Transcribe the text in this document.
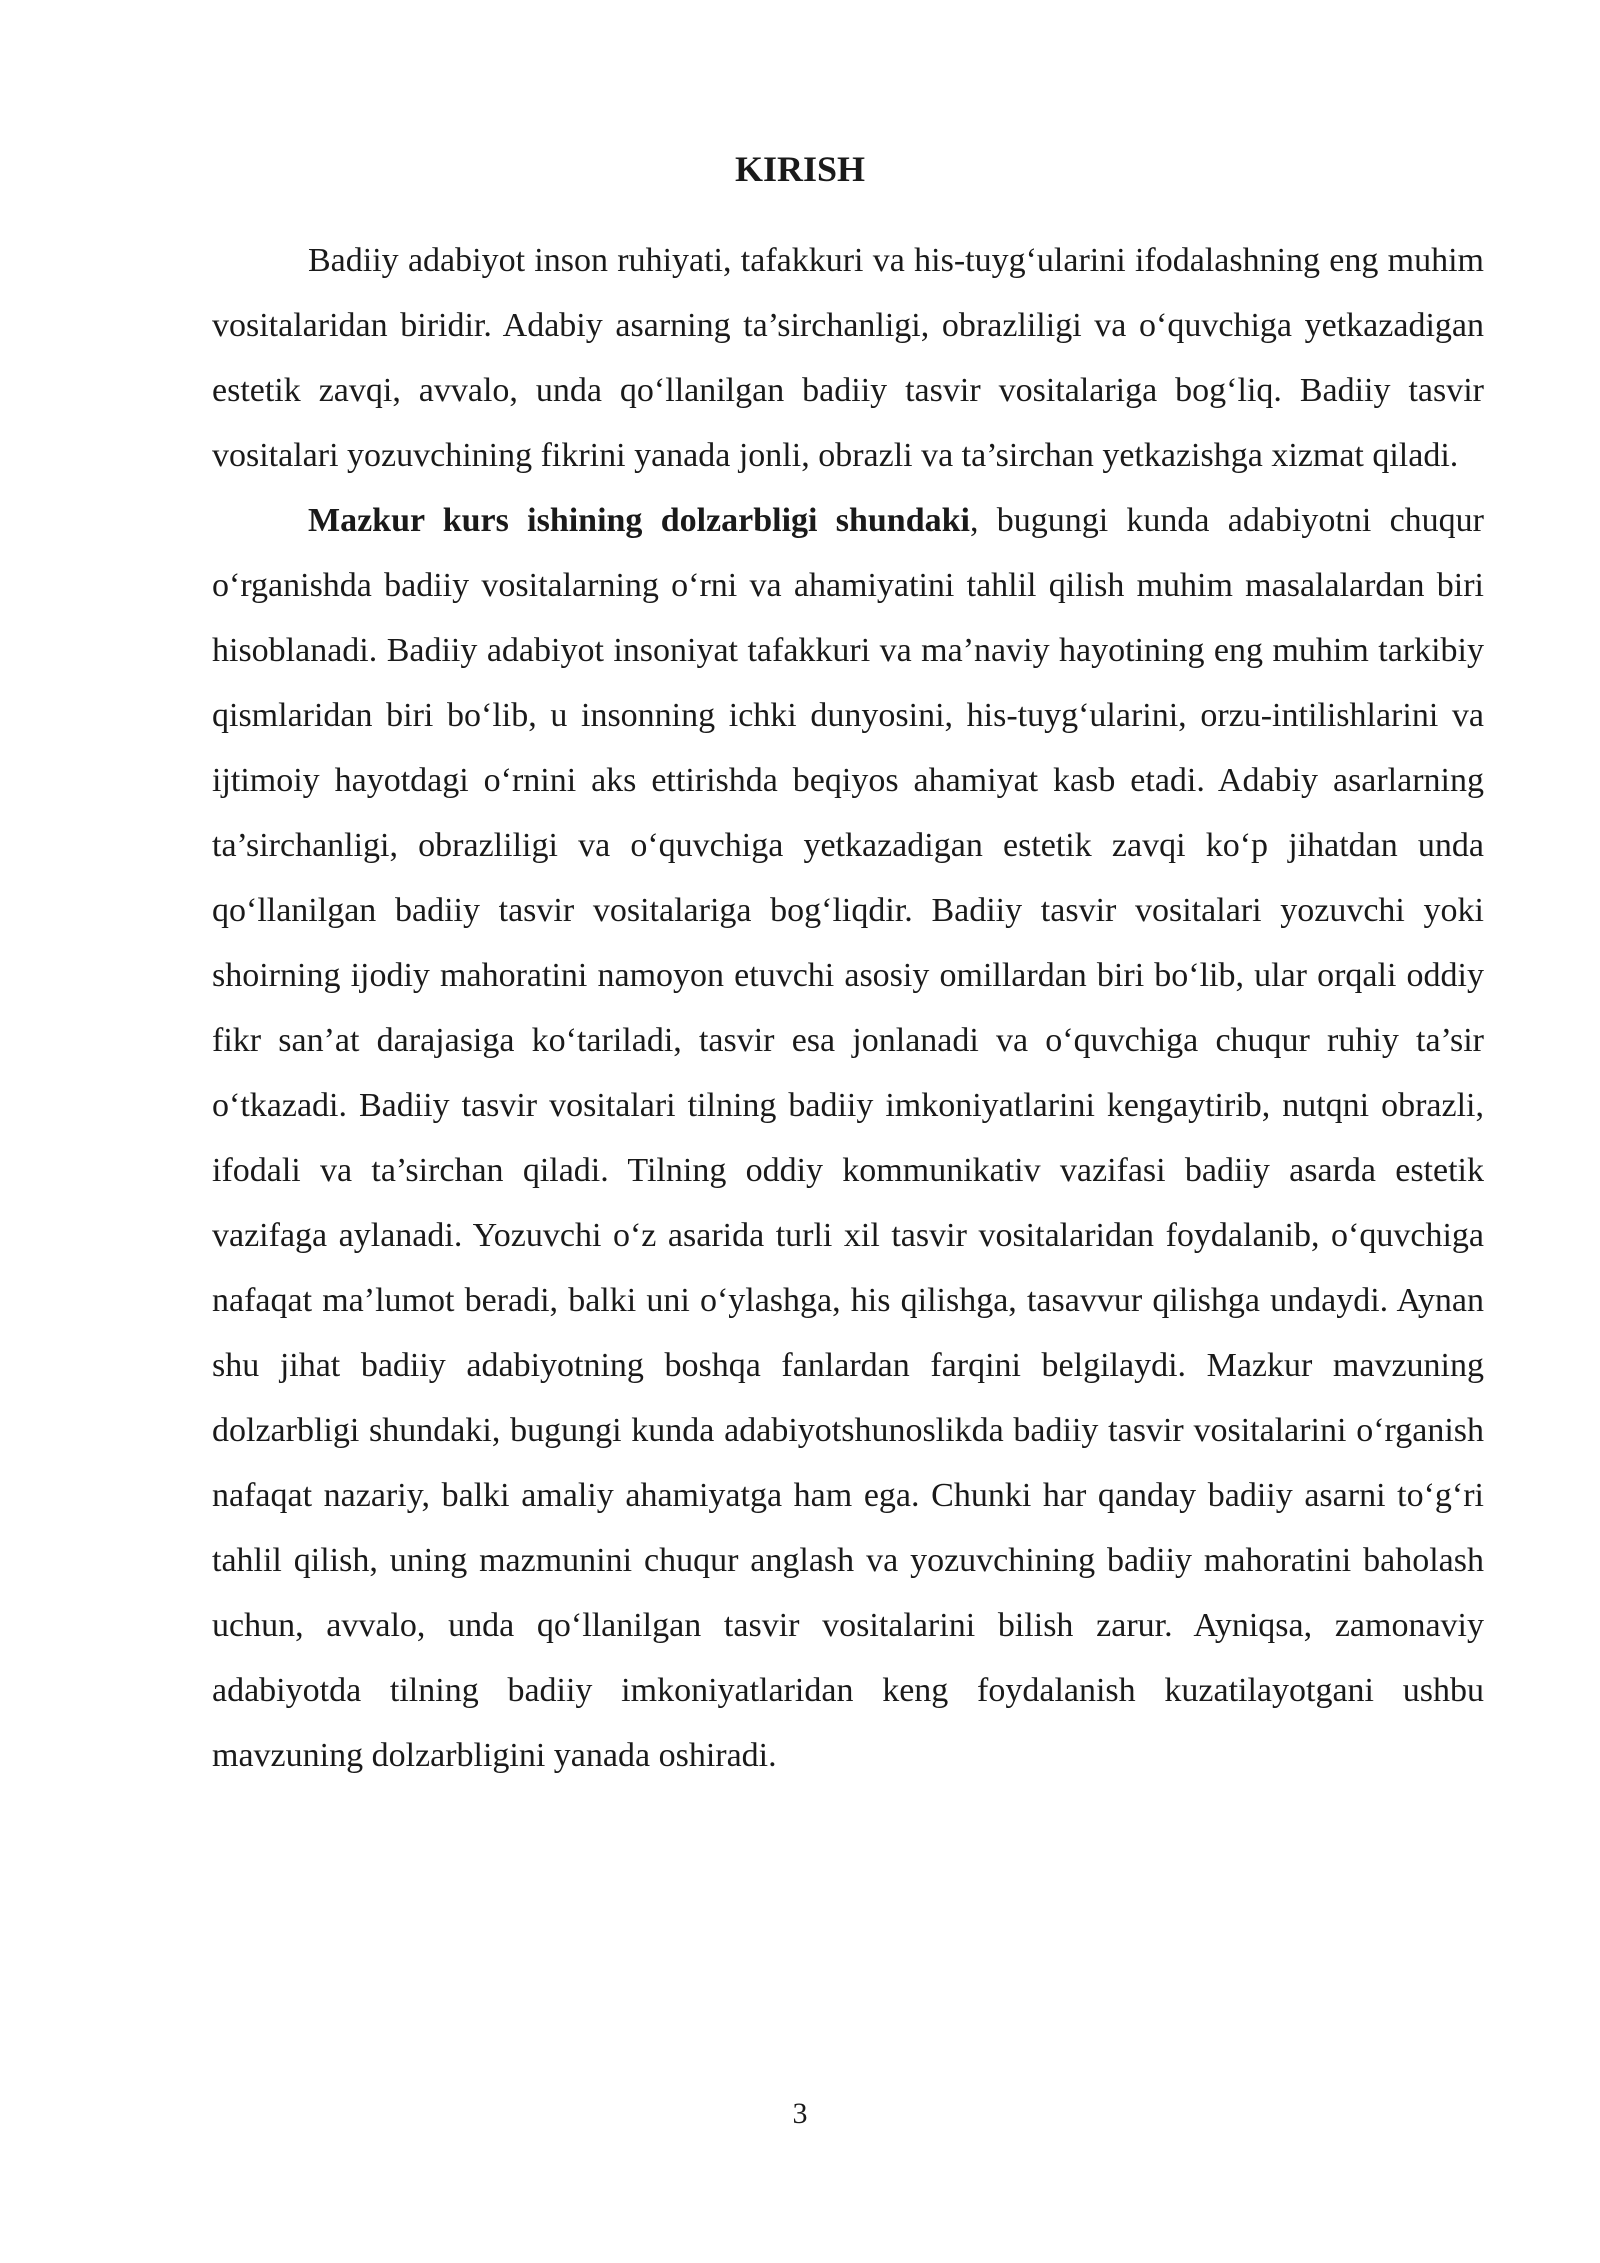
KIRISH

Badiiy adabiyot inson ruhiyati, tafakkuri va his-tuyg‘ularini ifodalashning eng muhim vositalaridan biridir. Adabiy asarning ta’sirchanligi, obrazliligi va o‘quvchiga yetkazadigan estetik zavqi, avvalo, unda qo‘llanilgan badiiy tasvir vositalariga bog‘liq. Badiiy tasvir vositalari yozuvchining fikrini yanada jonli, obrazli va ta’sirchan yetkazishga xizmat qiladi.

Mazkur kurs ishining dolzarbligi shundaki, bugungi kunda adabiyotni chuqur o‘rganishda badiiy vositalarning o‘rni va ahamiyatini tahlil qilish muhim masalalardan biri hisoblanadi. Badiiy adabiyot insoniyat tafakkuri va ma’naviy hayotining eng muhim tarkibiy qismlaridan biri bo‘lib, u insonning ichki dunyosini, his-tuyg‘ularini, orzu-intilishlarini va ijtimoiy hayotdagi o‘rnini aks ettirishda beqiyos ahamiyat kasb etadi. Adabiy asarlarning ta’sirchanligi, obrazliligi va o‘quvchiga yetkazadigan estetik zavqi ko‘p jihatdan unda qo‘llanilgan badiiy tasvir vositalariga bog‘liqdir. Badiiy tasvir vositalari yozuvchi yoki shoirning ijodiy mahoratini namoyon etuvchi asosiy omillardan biri bo‘lib, ular orqali oddiy fikr san’at darajasiga ko‘tariladi, tasvir esa jonlanadi va o‘quvchiga chuqur ruhiy ta’sir o‘tkazadi. Badiiy tasvir vositalari tilning badiiy imkoniyatlarini kengaytirib, nutqni obrazli, ifodali va ta’sirchan qiladi. Tilning oddiy kommunikativ vazifasi badiiy asarda estetik vazifaga aylanadi. Yozuvchi o‘z asarida turli xil tasvir vositalaridan foydalanib, o‘quvchiga nafaqat ma’lumot beradi, balki uni o‘ylashga, his qilishga, tasavvur qilishga undaydi. Aynan shu jihat badiiy adabiyotning boshqa fanlardan farqini belgilaydi. Mazkur mavzuning dolzarbligi shundaki, bugungi kunda adabiyotshunoslikda badiiy tasvir vositalarini o‘rganish nafaqat nazariy, balki amaliy ahamiyatga ham ega. Chunki har qanday badiiy asarni to‘g‘ri tahlil qilish, uning mazmunini chuqur anglash va yozuvchining badiiy mahoratini baholash uchun, avvalo, unda qo‘llanilgan tasvir vositalarini bilish zarur. Ayniqsa, zamonaviy adabiyotda tilning badiiy imkoniyatlaridan keng foydalanish kuzatilayotgani ushbu mavzuning dolzarbligini yanada oshiradi.

3
